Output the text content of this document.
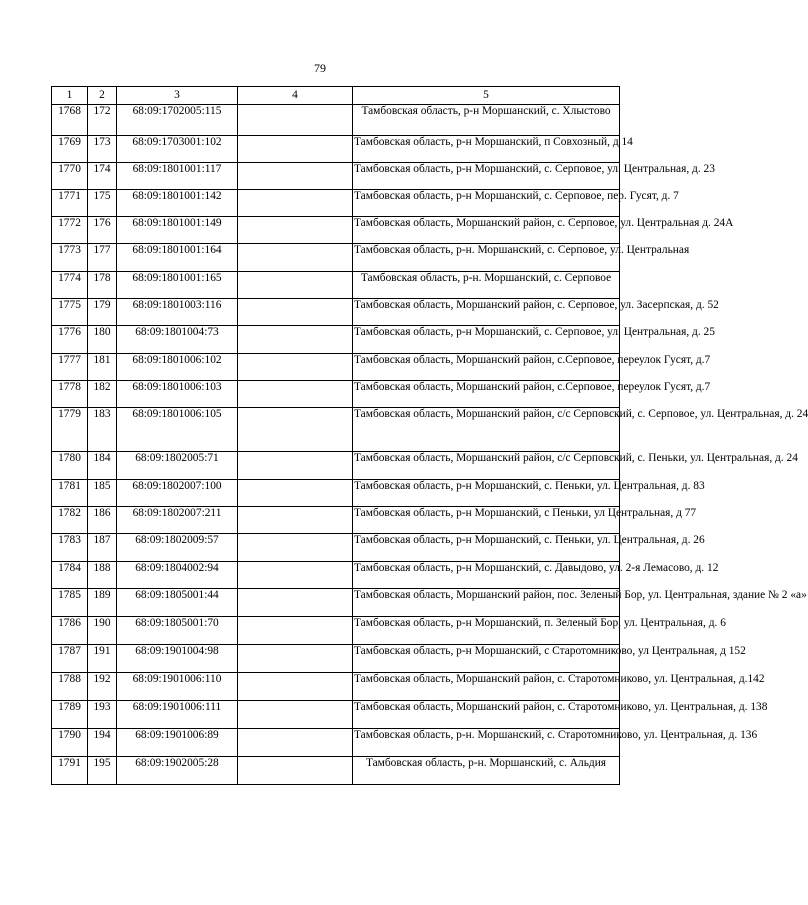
79
1	2	3	4	5
1768	172	68:09:1702005:115		Тамбовская область, р-н Моршанский, с. Хлыстово
1769	173	68:09:1703001:102		Тамбовская область, р-н Моршанский, п Совхозный, д 14
1770	174	68:09:1801001:117		Тамбовская область, р-н Моршанский, с. Серповое, ул. Центральная, д. 23
1771	175	68:09:1801001:142		Тамбовская область, р-н Моршанский, с. Серповое, пер. Гусят, д. 7
1772	176	68:09:1801001:149		Тамбовская область, Моршанский район, с. Серповое, ул. Центральная д. 24А
1773	177	68:09:1801001:164		Тамбовская область, р-н. Моршанский, с. Серповое, ул. Центральная
1774	178	68:09:1801001:165		Тамбовская область, р-н. Моршанский, с. Серповое
1775	179	68:09:1801003:116		Тамбовская область, Моршанский район, с. Серповое, ул. Засерпская, д. 52
1776	180	68:09:1801004:73		Тамбовская область, р-н Моршанский, с. Серповое, ул. Центральная, д. 25
1777	181	68:09:1801006:102		Тамбовская область, Моршанский район, с.Серповое, переулок Гусят, д.7
1778	182	68:09:1801006:103		Тамбовская область, Моршанский район, с.Серповое, переулок Гусят, д.7
1779	183	68:09:1801006:105		Тамбовская область, Моршанский район, с/с Серповский, с. Серповое, ул. Центральная, д. 24
1780	184	68:09:1802005:71		Тамбовская область, Моршанский район, с/с Серповский, с. Пеньки, ул. Центральная, д. 24
1781	185	68:09:1802007:100		Тамбовская область, р-н Моршанский, с. Пеньки, ул. Центральная, д. 83
1782	186	68:09:1802007:211		Тамбовская область, р-н Моршанский, с Пеньки, ул Центральная, д 77
1783	187	68:09:1802009:57		Тамбовская область, р-н Моршанский, с. Пеньки, ул. Центральная, д. 26
1784	188	68:09:1804002:94		Тамбовская область, р-н Моршанский, с. Давыдово, ул. 2-я Лемасово, д. 12
1785	189	68:09:1805001:44		Тамбовская область, Моршанский район, пос. Зеленый Бор, ул. Центральная, здание № 2 «а»
1786	190	68:09:1805001:70		Тамбовская область, р-н Моршанский, п. Зеленый Бор, ул. Центральная, д. 6
1787	191	68:09:1901004:98		Тамбовская область, р-н Моршанский, с Старотомниково, ул Центральная, д 152
1788	192	68:09:1901006:110		Тамбовская область, Моршанский район, с. Старотомниково, ул. Центральная, д.142
1789	193	68:09:1901006:111		Тамбовская область, Моршанский район, с. Старотомниково, ул. Центральная, д. 138
1790	194	68:09:1901006:89		Тамбовская область, р-н. Моршанский, с. Старотомниково, ул. Центральная, д. 136
1791	195	68:09:1902005:28		Тамбовская область, р-н. Моршанский, с. Альдия
